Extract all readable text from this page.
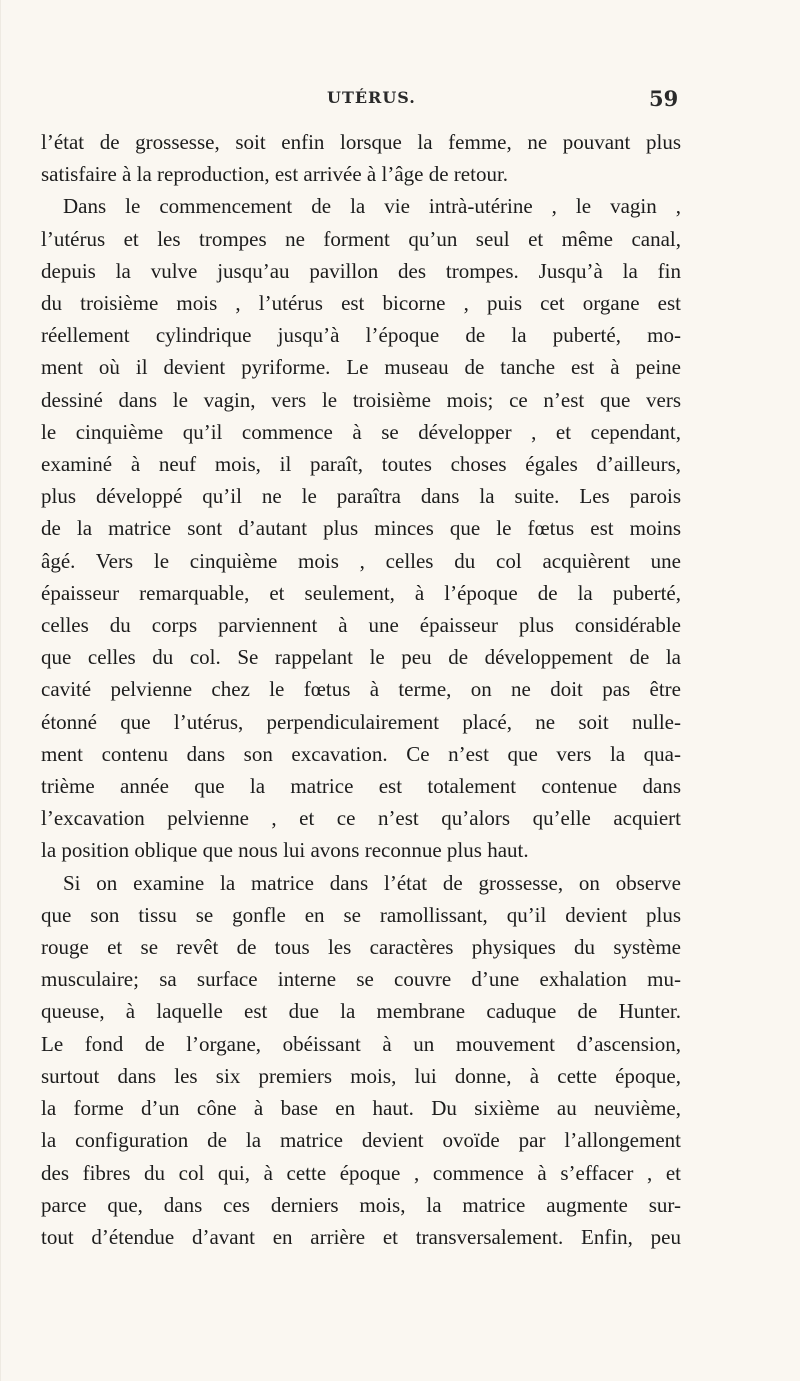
UTÉRUS.	59
l’état de grossesse, soit enfin lorsque la femme, ne pouvant plus
satisfaire à la reproduction, est arrivée à l’âge de retour.
Dans le commencement de la vie intrà-utérine , le vagin ,
l’utérus et les trompes ne forment qu’un seul et même canal,
depuis la vulve jusqu’au pavillon des trompes. Jusqu’à la fin
du troisième mois , l’utérus est bicorne , puis cet organe est
réellement cylindrique jusqu’à l’époque de la puberté, mo-
ment où il devient pyriforme. Le museau de tanche est à peine
dessiné dans le vagin, vers le troisième mois; ce n’est que vers
le cinquième qu’il commence à se développer , et cependant,
examiné à neuf mois, il paraît, toutes choses égales d’ailleurs,
plus développé qu’il ne le paraîtra dans la suite. Les parois
de la matrice sont d’autant plus minces que le fœtus est moins
âgé. Vers le cinquième mois , celles du col acquièrent une
épaisseur remarquable, et seulement, à l’époque de la puberté,
celles du corps parviennent à une épaisseur plus considérable
que celles du col. Se rappelant le peu de développement de la
cavité pelvienne chez le fœtus à terme, on ne doit pas être
étonné que l’utérus, perpendiculairement placé, ne soit nulle-
ment contenu dans son excavation. Ce n’est que vers la qua-
trième année que la matrice est totalement contenue dans
l’excavation pelvienne , et ce n’est qu’alors qu’elle acquiert
la position oblique que nous lui avons reconnue plus haut.
Si on examine la matrice dans l’état de grossesse, on observe
que son tissu se gonfle en se ramollissant, qu’il devient plus
rouge et se revêt de tous les caractères physiques du système
musculaire; sa surface interne se couvre d’une exhalation mu-
queuse, à laquelle est due la membrane caduque de Hunter.
Le fond de l’organe, obéissant à un mouvement d’ascension,
surtout dans les six premiers mois, lui donne, à cette époque,
la forme d’un cône à base en haut. Du sixième au neuvième,
la configuration de la matrice devient ovoïde par l’allongement
des fibres du col qui, à cette époque , commence à s’effacer , et
parce que, dans ces derniers mois, la matrice augmente sur-
tout d’étendue d’avant en arrière et transversalement. Enfin, peu
